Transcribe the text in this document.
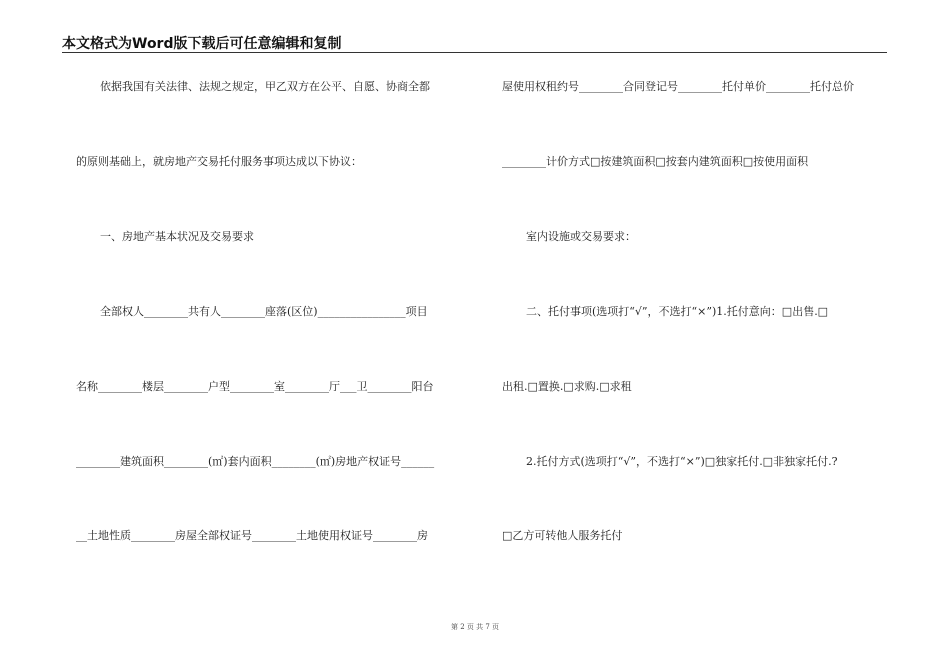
本文格式为Word版下载后可任意编辑和复制
依据我国有关法律、法规之规定，甲乙双方在公平、自愿、协商全都
的原则基础上，就房地产交易托付服务事项达成以下协议：
一、房地产基本状况及交易要求
全部权人________共有人________座落(区位)________________项目
名称________楼层________户型________室________厅___卫________阳台
________建筑面积________(㎡)套内面积________(㎡)房地产权证号______
__土地性质________房屋全部权证号________土地使用权证号________房
屋使用权租约号________合同登记号________托付单价________托付总价
________计价方式□按建筑面积□按套内建筑面积□按使用面积
室内设施或交易要求：
二、托付事项(选项打“√”，不选打“×”)1.托付意向：□出售.□
出租.□置换.□求购.□求租
2.托付方式(选项打“√”，不选打“×”)□独家托付.□非独家托付.?
□乙方可转他人服务托付
第 2 页 共 7 页
